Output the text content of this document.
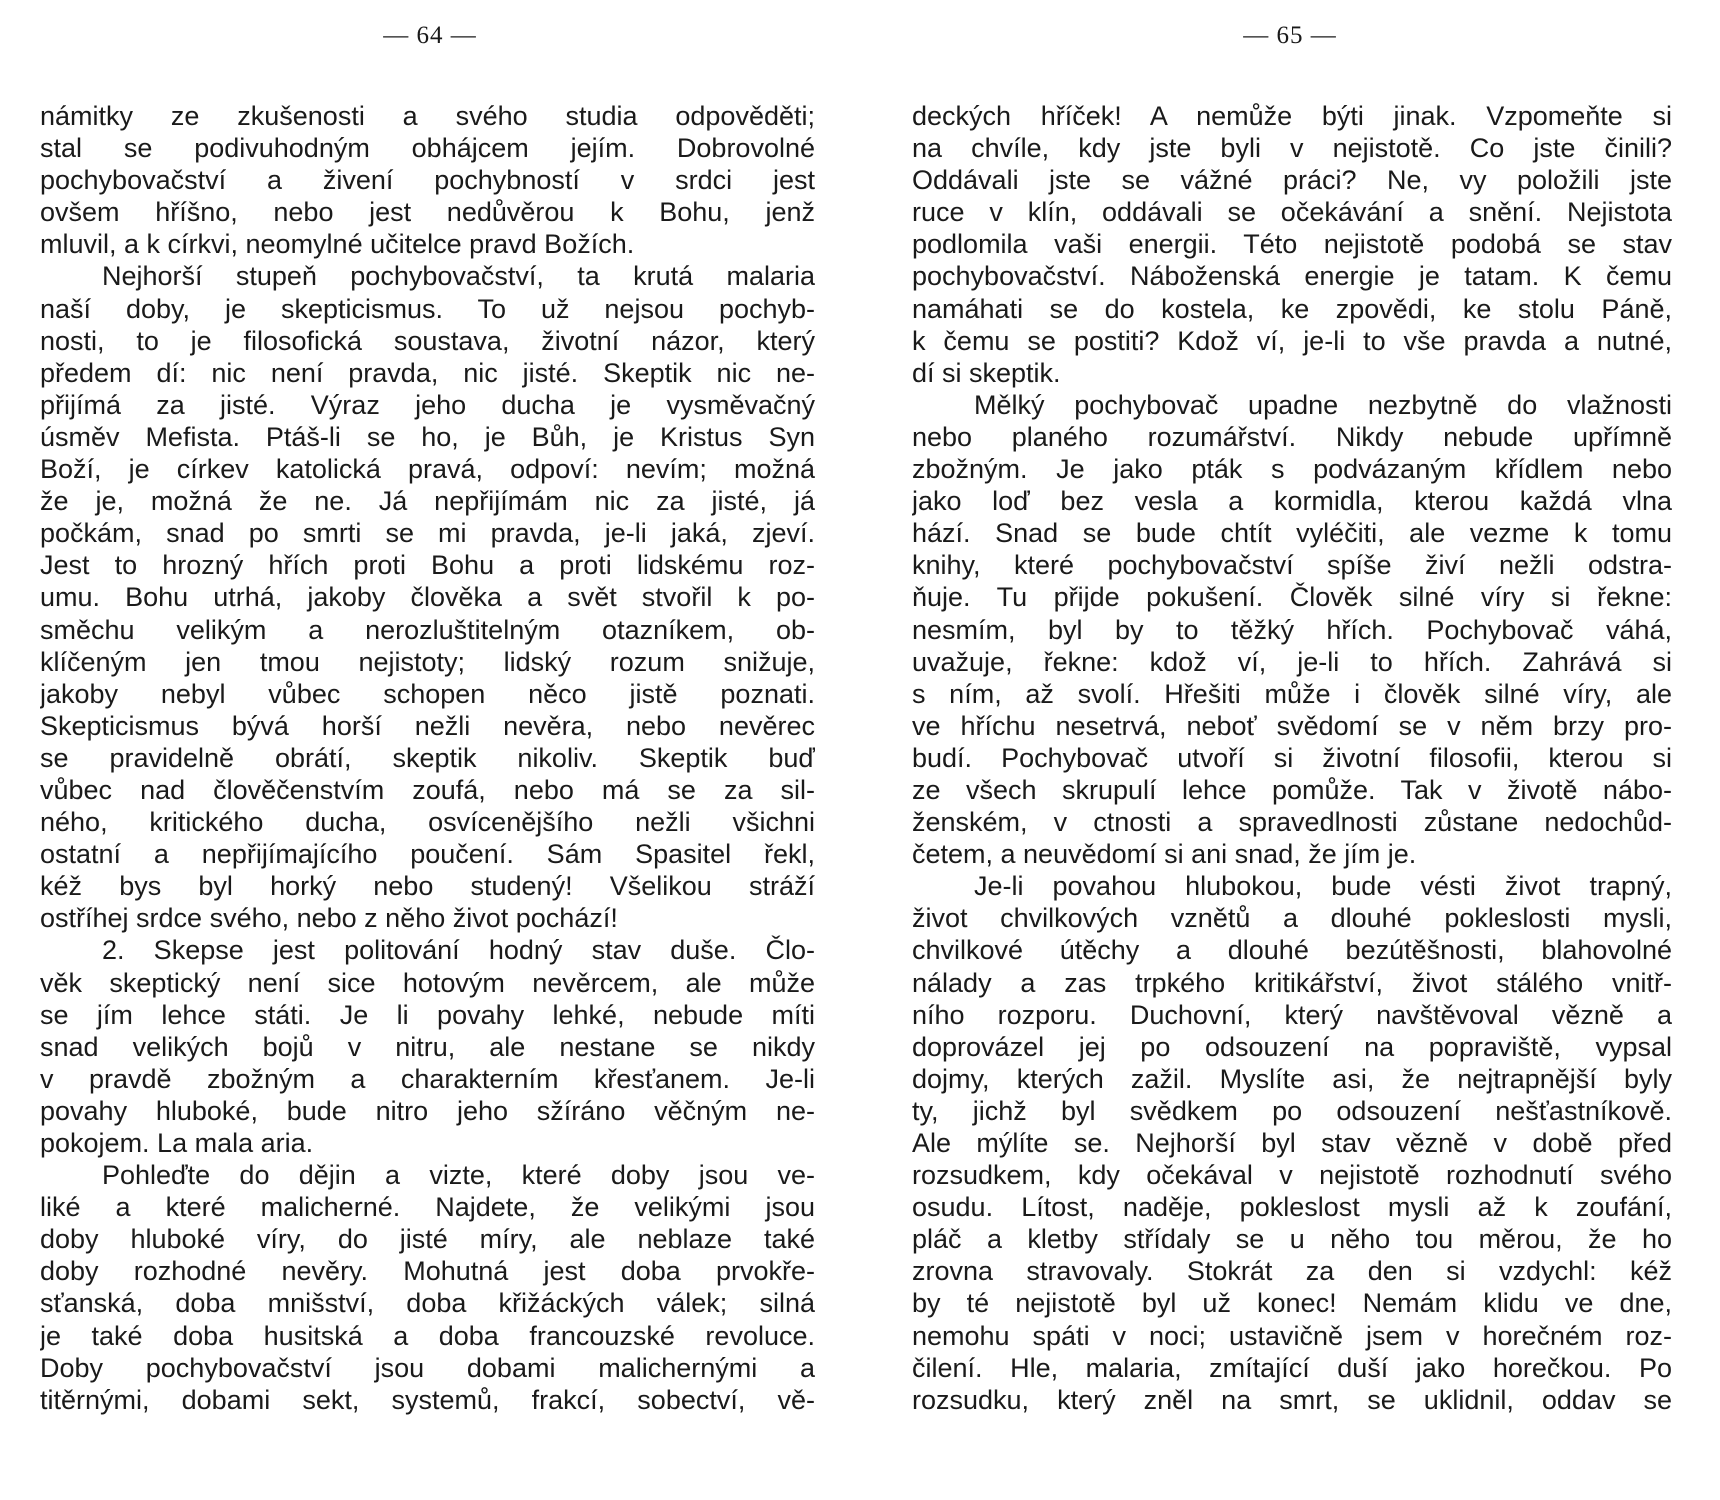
— 64 —

námitky ze zkušenosti a svého studia odpověděti;

stal se podivuhodným obhájcem jejím. Dobrovolné

pochybovačství a živení pochybností v srdci jest

ovšem hříšno, nebo jest nedůvěrou k Bohu, jenž

mluvil, a k církvi, neomylné učitelce pravd Božích.

Nejhorší stupeň pochybovačství, ta krutá malaria

naší doby, je skepticismus. To už nejsou pochyb-

nosti, to je filosofická soustava, životní názor, který

předem dí: nic není pravda, nic jisté. Skeptik nic ne-

přijímá za jisté. Výraz jeho ducha je vysměvačný

úsměv Mefista. Ptáš-li se ho, je Bůh, je Kristus Syn

Boží, je církev katolická pravá, odpoví: nevím; možná

že je, možná že ne. Já nepřijímám nic za jisté, já

počkám, snad po smrti se mi pravda, je-li jaká, zjeví.

Jest to hrozný hřích proti Bohu a proti lidskému roz-

umu. Bohu utrhá, jakoby člověka a svět stvořil k po-

směchu velikým a nerozluštitelným otazníkem, ob-

klíčeným jen tmou nejistoty; lidský rozum snižuje,

jakoby nebyl vůbec schopen něco jistě poznati.

Skepticismus bývá horší nežli nevěra, nebo nevěrec

se pravidelně obrátí, skeptik nikoliv. Skeptik buď

vůbec nad člověčenstvím zoufá, nebo má se za sil-

ného, kritického ducha, osvícenějšího nežli všichni

ostatní a nepřijímajícího poučení. Sám Spasitel řekl,

kéž bys byl horký nebo studený! Všelikou stráží

ostříhej srdce svého, nebo z něho život pochází!

2. Skepse jest politování hodný stav duše. Člo-

věk skeptický není sice hotovým nevěrcem, ale může

se jím lehce státi. Je li povahy lehké, nebude míti

snad velikých bojů v nitru, ale nestane se nikdy

v pravdě zbožným a charakterním křesťanem. Je-li

povahy hluboké, bude nitro jeho sžíráno věčným ne-

pokojem. La mala aria.

Pohleďte do dějin a vizte, které doby jsou ve-

liké a které malicherné. Najdete, že velikými jsou

doby hluboké víry, do jisté míry, ale neblaze také

doby rozhodné nevěry. Mohutná jest doba prvokře-

sťanská, doba mnišství, doba křižáckých válek; silná

je také doba husitská a doba francouzské revoluce.

Doby pochybovačství jsou dobami malichernými a

titěrnými, dobami sekt, systemů, frakcí, sobectví, vě-

— 65 —

deckých hříček! A nemůže býti jinak. Vzpomeňte si

na chvíle, kdy jste byli v nejistotě. Co jste činili?

Oddávali jste se vážné práci? Ne, vy položili jste

ruce v klín, oddávali se očekávání a snění. Nejistota

podlomila vaši energii. Této nejistotě podobá se stav

pochybovačství. Náboženská energie je tatam. K čemu

namáhati se do kostela, ke zpovědi, ke stolu Páně,

k čemu se postiti? Kdož ví, je-li to vše pravda a nutné,

dí si skeptik.

Mělký pochybovač upadne nezbytně do vlažnosti

nebo planého rozumářství. Nikdy nebude upřímně

zbožným. Je jako pták s podvázaným křídlem nebo

jako loď bez vesla a kormidla, kterou každá vlna

hází. Snad se bude chtít vyléčiti, ale vezme k tomu

knihy, které pochybovačství spíše živí nežli odstra-

ňuje. Tu přijde pokušení. Člověk silné víry si řekne:

nesmím, byl by to těžký hřích. Pochybovač váhá,

uvažuje, řekne: kdož ví, je-li to hřích. Zahrává si

s ním, až svolí. Hřešiti může i člověk silné víry, ale

ve hříchu nesetrvá, neboť svědomí se v něm brzy pro-

budí. Pochybovač utvoří si životní filosofii, kterou si

ze všech skrupulí lehce pomůže. Tak v životě nábo-

ženském, v ctnosti a spravedlnosti zůstane nedochůd-

četem, a neuvědomí si ani snad, že jím je.

Je-li povahou hlubokou, bude vésti život trapný,

život chvilkových vznětů a dlouhé pokleslosti mysli,

chvilkové útěchy a dlouhé bezútěšnosti, blahovolné

nálady a zas trpkého kritikářství, život stálého vnitř-

ního rozporu. Duchovní, který navštěvoval vězně a

doprovázel jej po odsouzení na popraviště, vypsal

dojmy, kterých zažil. Myslíte asi, že nejtrapnější byly

ty, jichž byl svědkem po odsouzení nešťastníkově.

Ale mýlíte se. Nejhorší byl stav vězně v době před

rozsudkem, kdy očekával v nejistotě rozhodnutí svého

osudu. Lítost, naděje, pokleslost mysli až k zoufání,

pláč a kletby střídaly se u něho tou měrou, že ho

zrovna stravovaly. Stokrát za den si vzdychl: kéž

by té nejistotě byl už konec! Nemám klidu ve dne,

nemohu spáti v noci; ustavičně jsem v horečném roz-

čilení. Hle, malaria, zmítající duší jako horečkou. Po

rozsudku, který zněl na smrt, se uklidnil, oddav se
